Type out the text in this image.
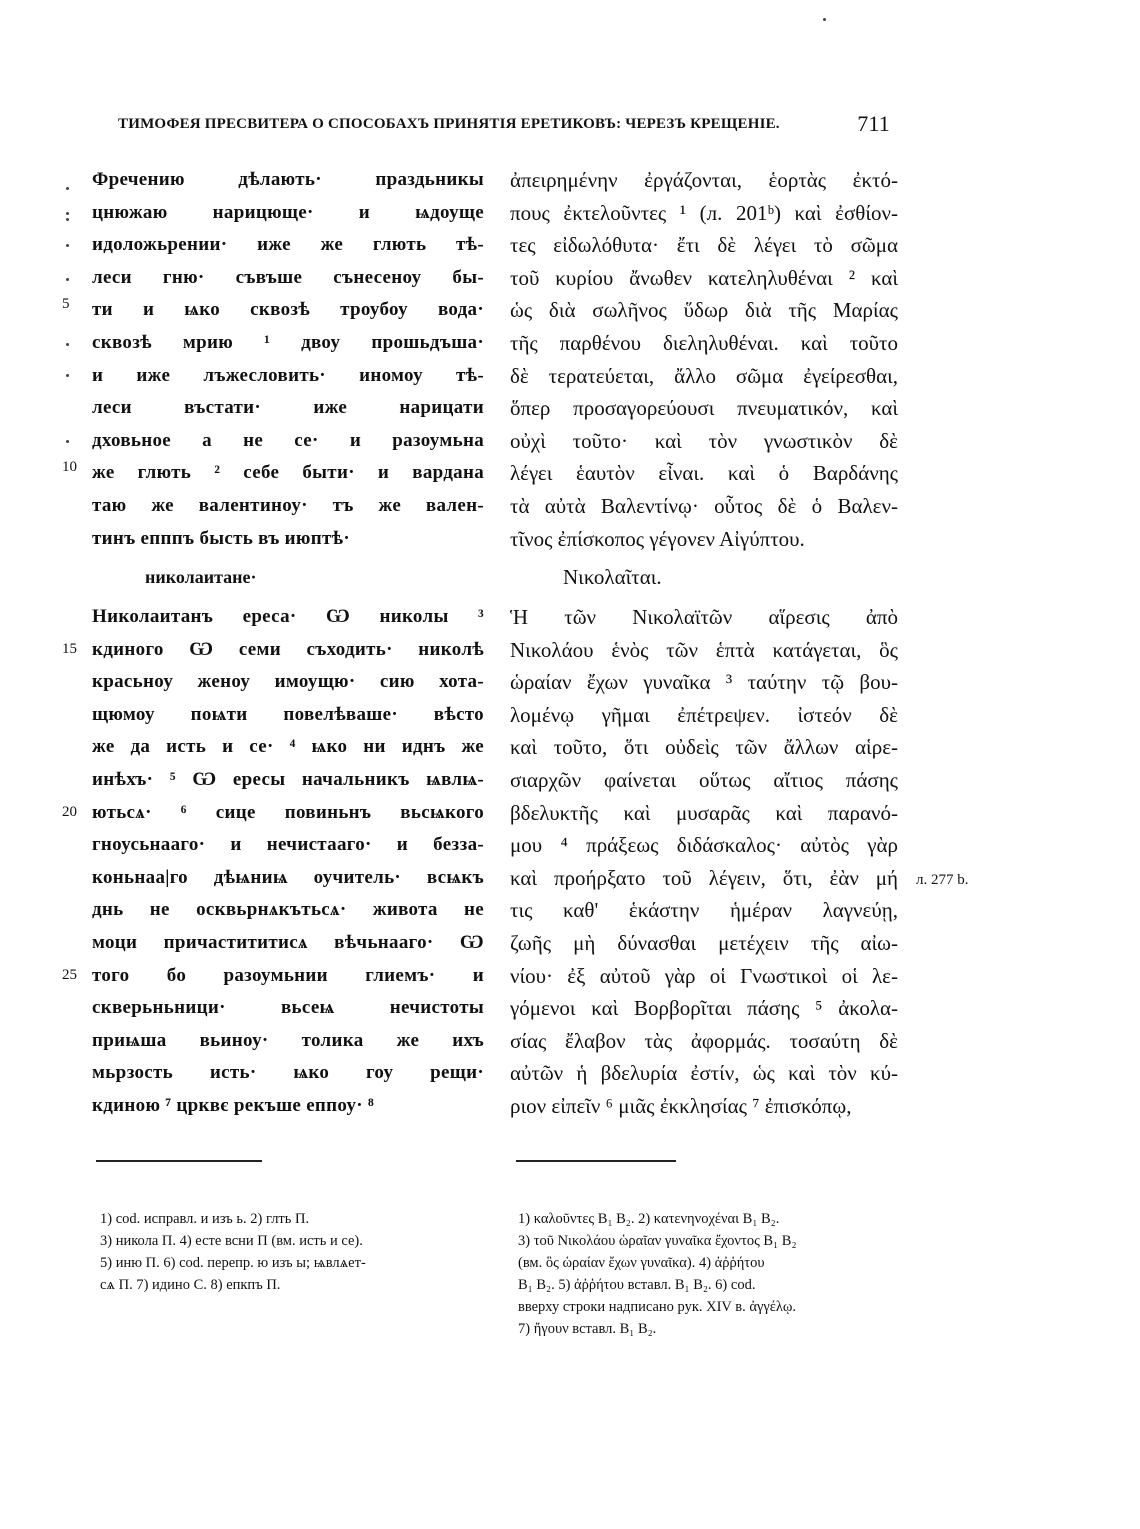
ТИМОФЕЯ ПРЕСВИТЕРА О СПОСОБАХЪ ПРИНЯТІЯ ЕРЕТИКОВЪ: ЧЕРЕЗЪ КРЕЩЕНІЕ.	711
Фречению дѣлають· праздьникы
цнюжаю нарицюще· и ѩдоуще
идоложьрении· иже же глють тѣ-
леси гню· съвъше сънесеноу бы-
ти и ѩко сквозѣ троубоу вода·
сквозѣ мрию ¹ двоу прошьдъша·
и иже лъжесловить· иномоу тѣ-
леси въстати· иже нарицати
дховьное а не се· и разоумьна
же глють ² себе быти· и вардана
таю же валентиноу· тъ же вален-
тинъ епппъ бысть въ июптѣ·
5
10
николаитане·
Николаитанъ ереса· Ѡ николы ³
кдиного Ѡ семи съходить· николѣ
красьноу женоу имоущю· сию хота-
щюмоу поѩти повелѣваше· вѣсто
же да исть и се· ⁴ ѩко ни иднъ же
инѣхъ· ⁵ Ѡ ересы начальникъ ѩвлѩ-
ютьсѧ· ⁶ сице повиньнъ вьсѩкого
гноусьнааго· и нечистааго· и безза-
коньнаа|го дѣѩниѩ оучитель· всѩкъ
днь не осквьрнѧкътьсѧ· живота не
моци причастититисѧ вѣчьнааго· Ѡ
того бо разоумьнии глиемъ· и
скверьньници· вьсеѩ нечистоты
приѩша вьиноу· толика же ихъ
мьрзость исть· ѩко гоу рещи·
кдиною ⁷ црквє рекъше еппоу· ⁸
15
20
25
ἀπειρημένην ἐργάζονται, ἑορτὰς ἐκτό-
πους ἐκτελοῦντες ¹ (л. 201ᵇ) καὶ ἐσθίον-
τες εἰδωλόθυτα· ἔτι δὲ λέγει τὸ σῶμα
τοῦ κυρίου ἄνωθεν κατεληλυθέναι ² καὶ
ὡς διὰ σωλῆνος ὕδωρ διὰ τῆς Μαρίας
τῆς παρθένου διεληλυθέναι. καὶ τοῦτο
δὲ τερατεύεται, ἄλλο σῶμα ἐγείρεσθαι,
ὅπερ προσαγορεύουσι πνευματικόν, καὶ
οὐχὶ τοῦτο· καὶ τὸν γνωστικὸν δὲ
λέγει ἑαυτὸν εἶναι. καὶ ὁ Βαρδάνης
τὰ αὐτὰ Βαλεντίνῳ· οὗτος δὲ ὁ Βαλεν-
τῖνος ἐπίσκοπος γέγονεν Αἰγύπτου.
Νικολαῖται.
Ἡ τῶν Νικολαϊτῶν αἵρεσις ἀπὸ
Νικολάου ἑνὸς τῶν ἑπτὰ κατάγεται, ὃς
ὡραίαν ἔχων γυναῖκα ³ ταύτην τῷ βου-
λομένῳ γῆμαι ἐπέτρεψεν. ἰστεόν δὲ
καὶ τοῦτο, ὅτι οὐδεὶς τῶν ἄλλων αἱρε-
σιαρχῶν φαίνεται οὕτως αἴτιος πάσης
βδελυκτῆς καὶ μυσαρᾶς καὶ παρανό-
μου ⁴ πράξεως διδάσκαλος· αὐτὸς γὰρ
καὶ προήρξατο τοῦ λέγειν, ὅτι, ἐὰν μή
τις καθ' ἑκάστην ἡμέραν λαγνεύῃ,
ζωῆς μὴ δύνασθαι μετέχειν τῆς αἰω-
νίου· ἐξ αὐτοῦ γὰρ οἱ Γνωστικοὶ οἱ λε-
γόμενοι καὶ Βορβορῖται πάσης ⁵ ἀκολα-
σίας ἔλαβον τὰς ἀφορμάς. τοσαύτη δὲ
αὐτῶν ἡ βδελυρία ἐστίν, ὡς καὶ τὸν κύ-
ριον εἰπεῖν ⁶ μιᾶς ἐκκλησίας ⁷ ἐπισκόπῳ,
л. 277 b.
1) cod. исправл. и изъ ь. 2) глть П.
3) никола П. 4) есте всни П (вм. исть и се).
5) иню П. 6) cod. перепр. ю изъ ы; ѩвлѧет-
сѧ П. 7) идино С. 8) епкпъ П.
1) καλοῦντες B₁ B₂. 2) κατενηνοχέναι B₁ B₂.
3) τοῦ Νικολάου ὡραῖαν γυναῖκα ἔχοντος B₁ B₂
(вм. ὃς ὡραίαν ἔχων γυναῖκα). 4) ἀῤῥήτου
B₁ B₂. 5) ἀῤῥήτου вставл. B₁ B₂. 6) cod.
вверху строки надписано рук. XIV в. ἀγγέλῳ.
7) ἤγουν вставл. B₁ B₂.
